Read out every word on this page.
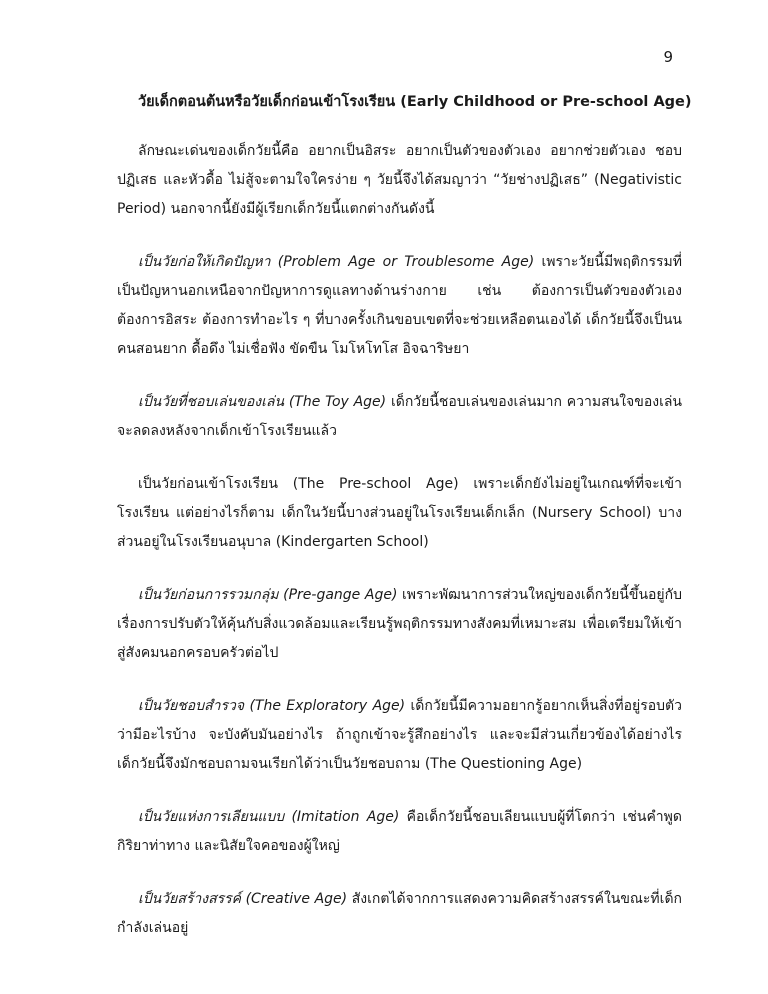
9
วัยเด็กตอนต้นหรือวัยเด็กก่อนเข้าโรงเรียน (Early Childhood or Pre-school Age)

ลักษณะเด่นของเด็กวัยนี้คือ อยากเป็นอิสระ อยากเป็นตัวของตัวเอง อยากช่วยตัวเอง ชอบปฏิเสธ และหัวดื้อ ไม่สู้จะตามใจใครง่าย ๆ วัยนี้จึงได้สมญาว่า “วัยช่างปฏิเสธ” (Negativistic Period) นอกจากนี้ยังมีผู้เรียกเด็กวัยนี้แตกต่างกันดังนี้

เป็นวัยก่อให้เกิดปัญหา (Problem Age or Troublesome Age) เพราะวัยนี้มีพฤติกรรมที่เป็นปัญหานอกเหนือจากปัญหาการดูแลทางด้านร่างกาย เช่น ต้องการเป็นตัวของตัวเอง ต้องการอิสระ ต้องการทำอะไร ๆ ที่บางครั้งเกินขอบเขตที่จะช่วยเหลือตนเองได้ เด็กวัยนี้จึงเป็นนคนสอนยาก ดื้อดึง ไม่เชื่อฟัง ขัดขืน โมโหโทโส อิจฉาริษยา

เป็นวัยที่ชอบเล่นของเล่น (The Toy Age) เด็กวัยนี้ชอบเล่นของเล่นมาก ความสนใจของเล่นจะลดลงหลังจากเด็กเข้าโรงเรียนแล้ว

เป็นวัยก่อนเข้าโรงเรียน (The Pre-school Age) เพราะเด็กยังไม่อยู่ในเกณฑ์ที่จะเข้าโรงเรียน แต่อย่างไรก็ตาม เด็กในวัยนี้บางส่วนอยู่ในโรงเรียนเด็กเล็ก (Nursery School) บางส่วนอยู่ในโรงเรียนอนุบาล (Kindergarten School)

เป็นวัยก่อนการรวมกลุ่ม (Pre-gange Age) เพราะพัฒนาการส่วนใหญ่ของเด็กวัยนี้ขึ้นอยู่กับเรื่องการปรับตัวให้คุ้นกับสิ่งแวดล้อมและเรียนรู้พฤติกรรมทางสังคมที่เหมาะสม เพื่อเตรียมให้เข้าสู่สังคมนอกครอบครัวต่อไป

เป็นวัยชอบสำรวจ (The Exploratory Age) เด็กวัยนี้มีความอยากรู้อยากเห็นสิ่งที่อยู่รอบตัวว่ามีอะไรบ้าง จะบังคับมันอย่างไร ถ้าถูกเข้าจะรู้สึกอย่างไร และจะมีส่วนเกี่ยวข้องได้อย่างไร เด็กวัยนี้จึงมักชอบถามจนเรียกได้ว่าเป็นวัยชอบถาม (The Questioning Age)

เป็นวัยแห่งการเลียนแบบ (Imitation Age) คือเด็กวัยนี้ชอบเลียนแบบผู้ที่โตกว่า เช่นคำพูด กิริยาท่าทาง และนิสัยใจคอของผู้ใหญ่

เป็นวัยสร้างสรรค์ (Creative Age) สังเกตได้จากการแสดงความคิดสร้างสรรค์ในขณะที่เด็กกำลังเล่นอยู่
